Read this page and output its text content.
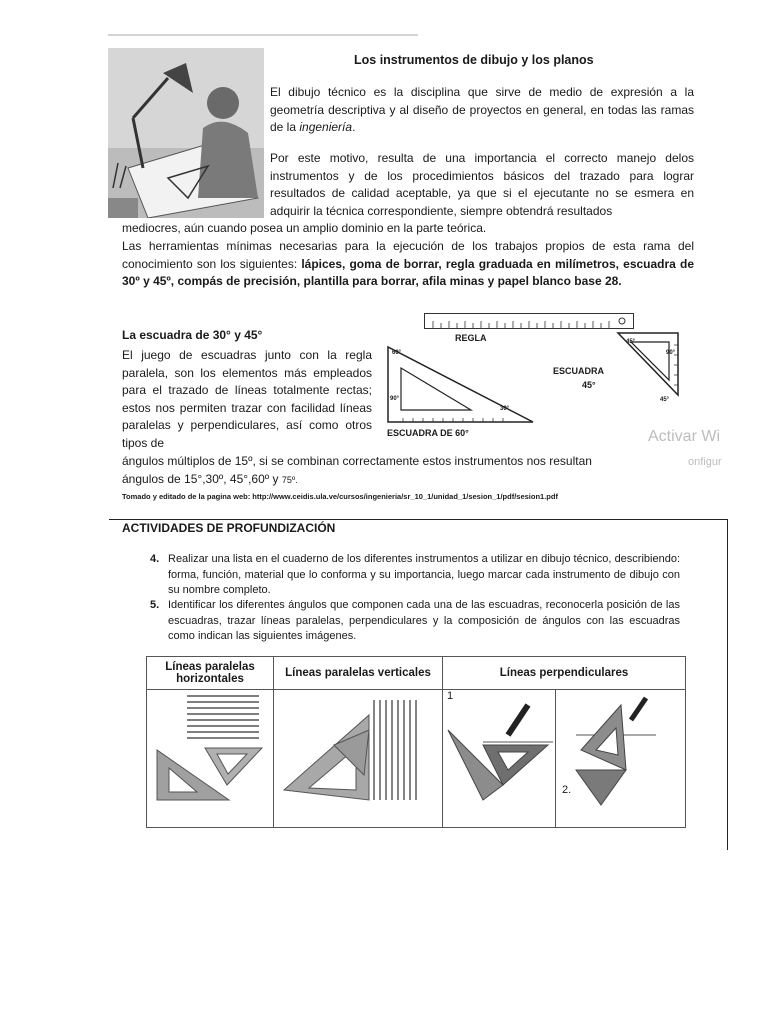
Los instrumentos de dibujo y los planos
El dibujo técnico es la disciplina que sirve de medio de expresión a la geometría descriptiva y al diseño de proyectos en general, en todas las ramas de la ingeniería.
Por este motivo, resulta de una importancia el correcto manejo delos instrumentos y de los procedimientos básicos del trazado para lograr resultados de calidad aceptable, ya que si el ejecutante no se esmera en adquirir la técnica correspondiente, siempre obtendrá resultados
mediocres, aún cuando posea un amplio dominio en la parte teórica.
Las herramientas mínimas necesarias para la ejecución de los trabajos propios de esta rama del conocimiento son los siguientes: lápices, goma de borrar, regla graduada en milímetros, escuadra de 30º y 45º, compás de precisión, plantilla para borrar, afila minas y papel blanco base 28.
La escuadra de 30° y 45°
El juego de escuadras junto con la regla paralela, son los elementos más empleados para el trazado de líneas totalmente rectas; estos nos permiten trazar con facilidad líneas paralelas y perpendiculares, así como otros tipos de
ángulos múltiplos de 15º, si se combinan correctamente estos instrumentos nos resultan
ángulos de 15°,30º, 45°,60º y 75º.
Tomado y editado de la pagina web: http://www.ceidis.ula.ve/cursos/ingenieria/sr_10_1/unidad_1/sesion_1/pdf/sesion1.pdf
REGLA
60°
90°
30°
45°
90°
45°
ESCUADRA
45°
ESCUADRA DE 60°	Activar Wi
onfigur
ACTIVIDADES DE PROFUNDIZACIÓN
4. Realizar una lista en el cuaderno de los diferentes instrumentos a utilizar en dibujo técnico, describiendo: forma, función, material que lo conforma y su importancia, luego marcar cada instrumento de dibujo con su nombre completo.
5. Identificar los diferentes ángulos que componen cada una de las escuadras, reconocerla posición de las escuadras, trazar líneas paralelas, perpendiculares y la composición de ángulos con las escuadras como indican las siguientes imágenes.
Líneas paralelas horizontales	Líneas paralelas verticales	Líneas perpendiculares	

1	2.
